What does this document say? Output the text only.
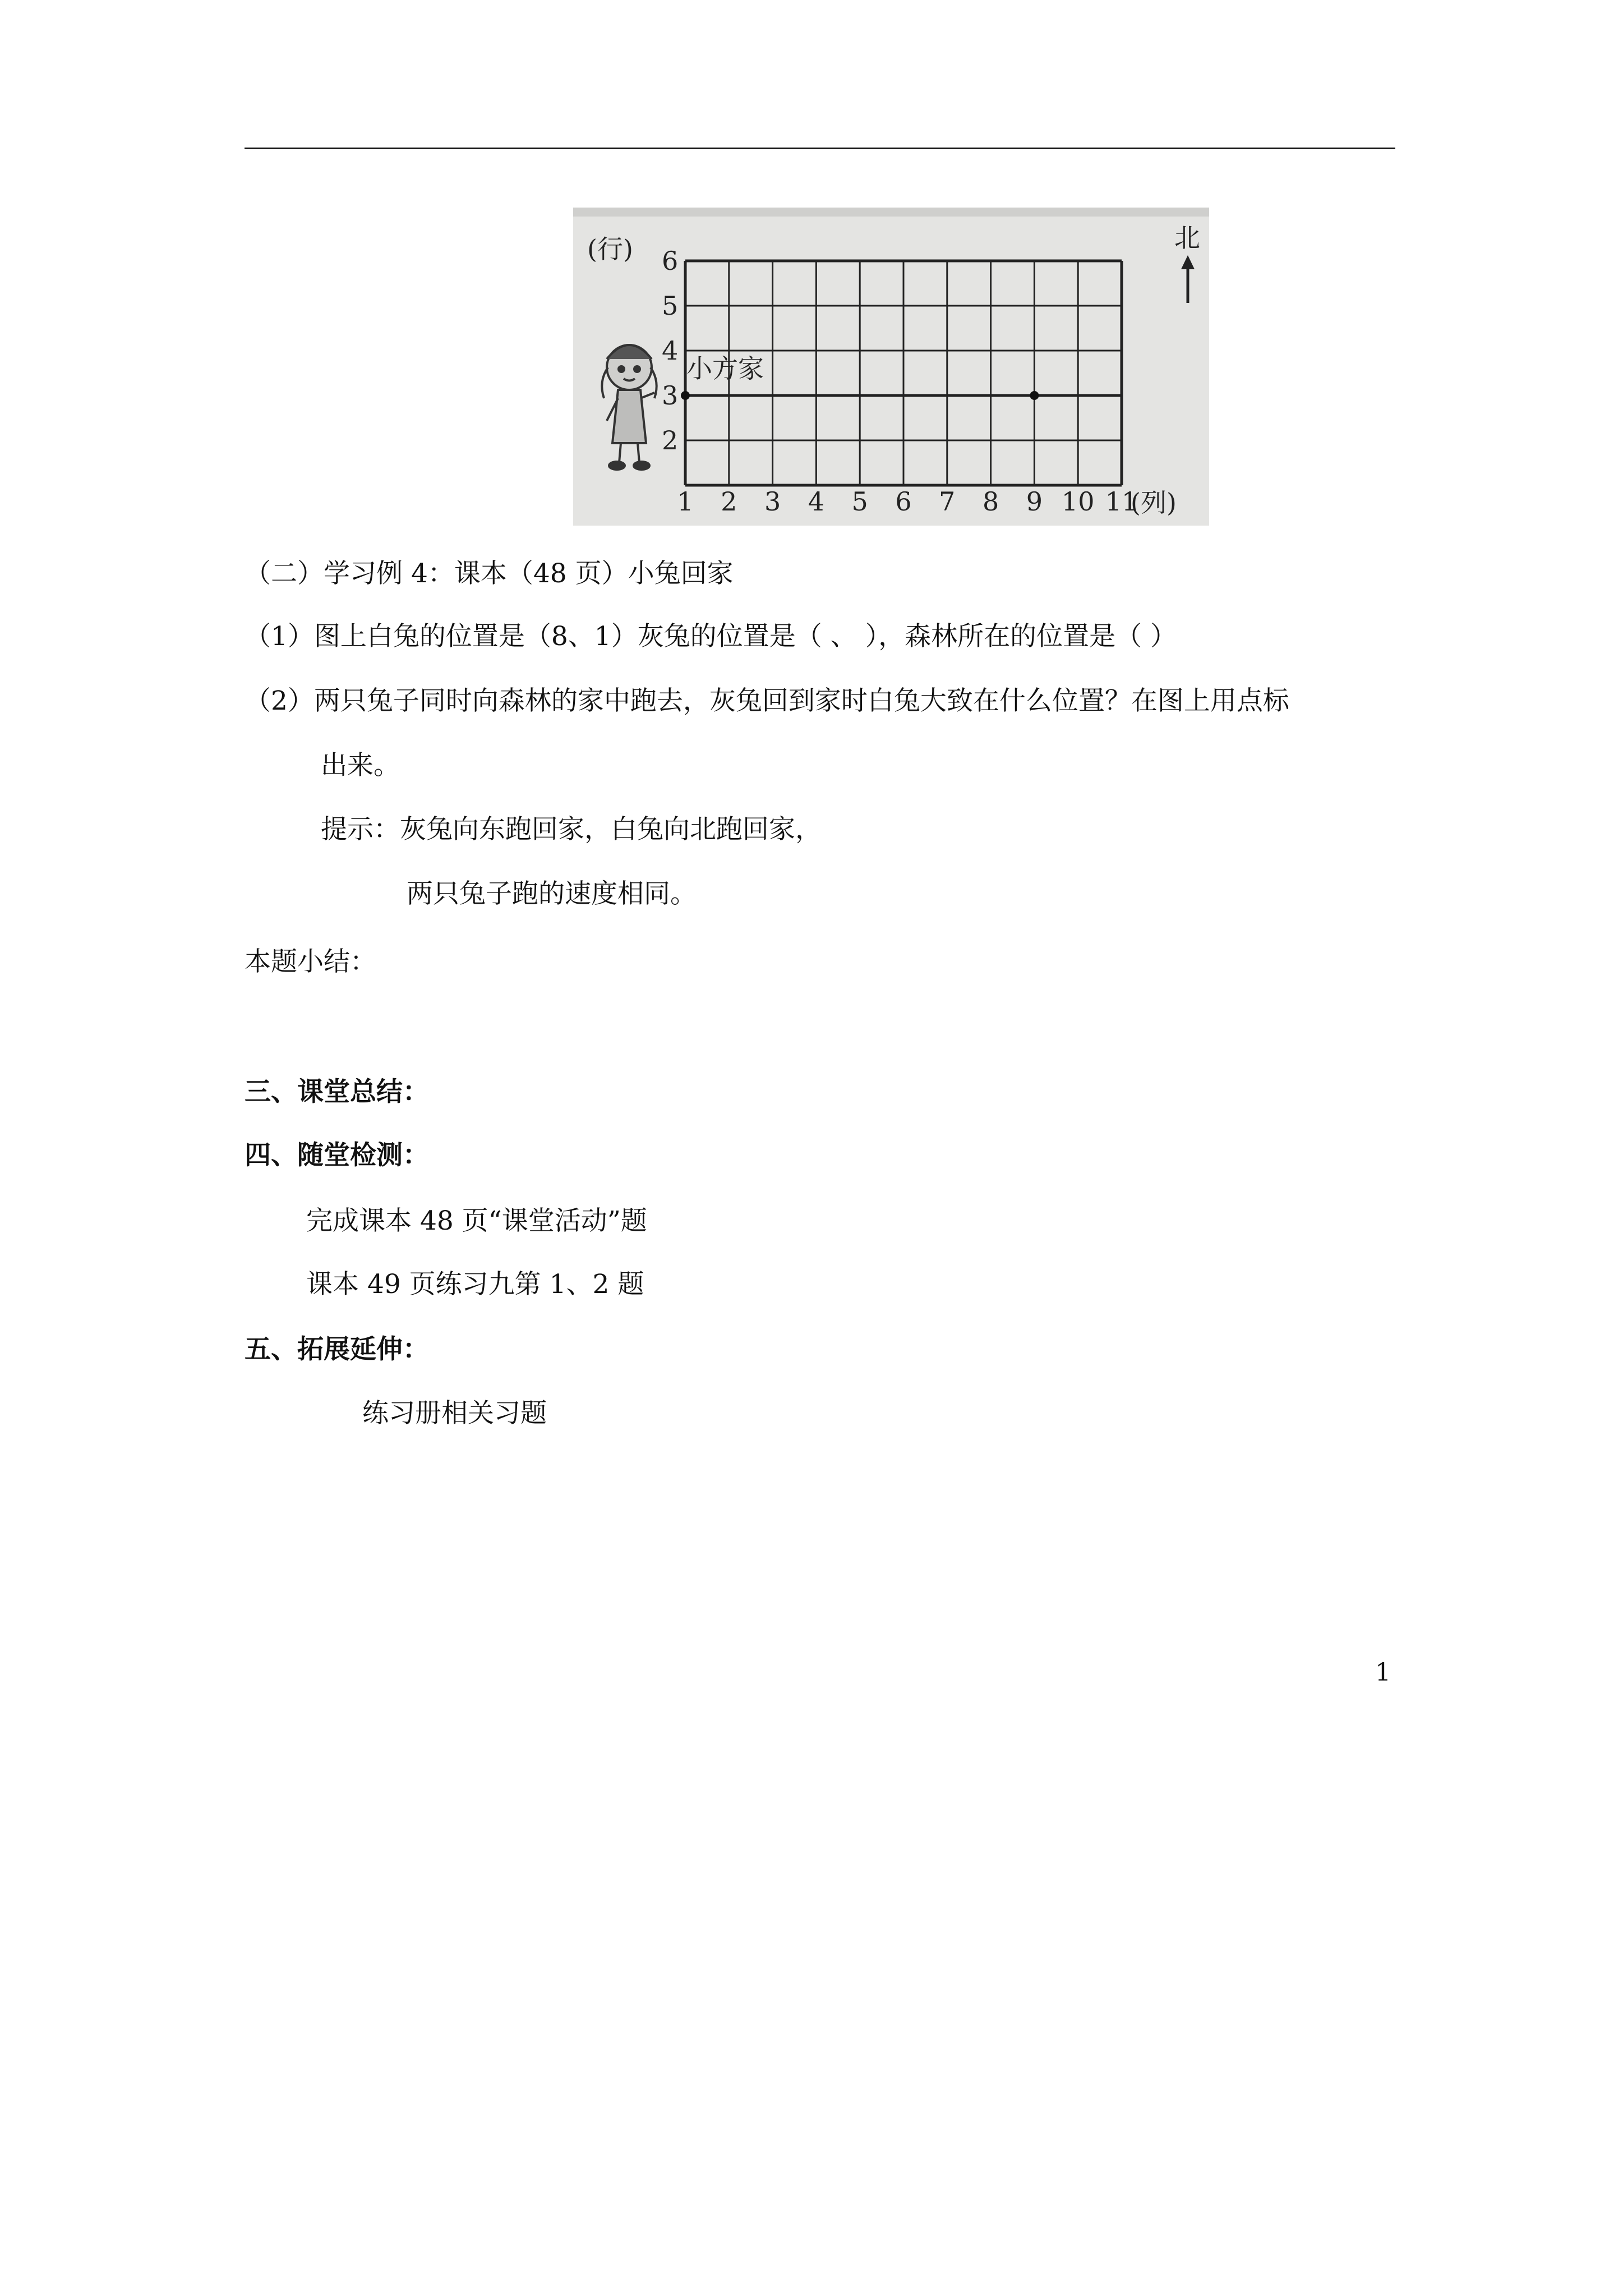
(行)
(列)
北
小方家
6
5
4
3
2
1 2 3 4 5 6 7 8 9 10 11
（二）学习例 4：课本（48 页）小兔回家
（1）图上白兔的位置是（8、1）灰兔的位置是（ 、 ），森林所在的位置是（ ）
（2）两只兔子同时向森林的家中跑去，灰兔回到家时白兔大致在什么位置？在图上用点标
出来。
提示：灰兔向东跑回家，白兔向北跑回家，
两只兔子跑的速度相同。
本题小结：
三、课堂总结：
四、随堂检测：
完成课本 48 页“课堂活动”题
课本 49 页练习九第 1、2 题
五、拓展延伸：
练习册相关习题
1
